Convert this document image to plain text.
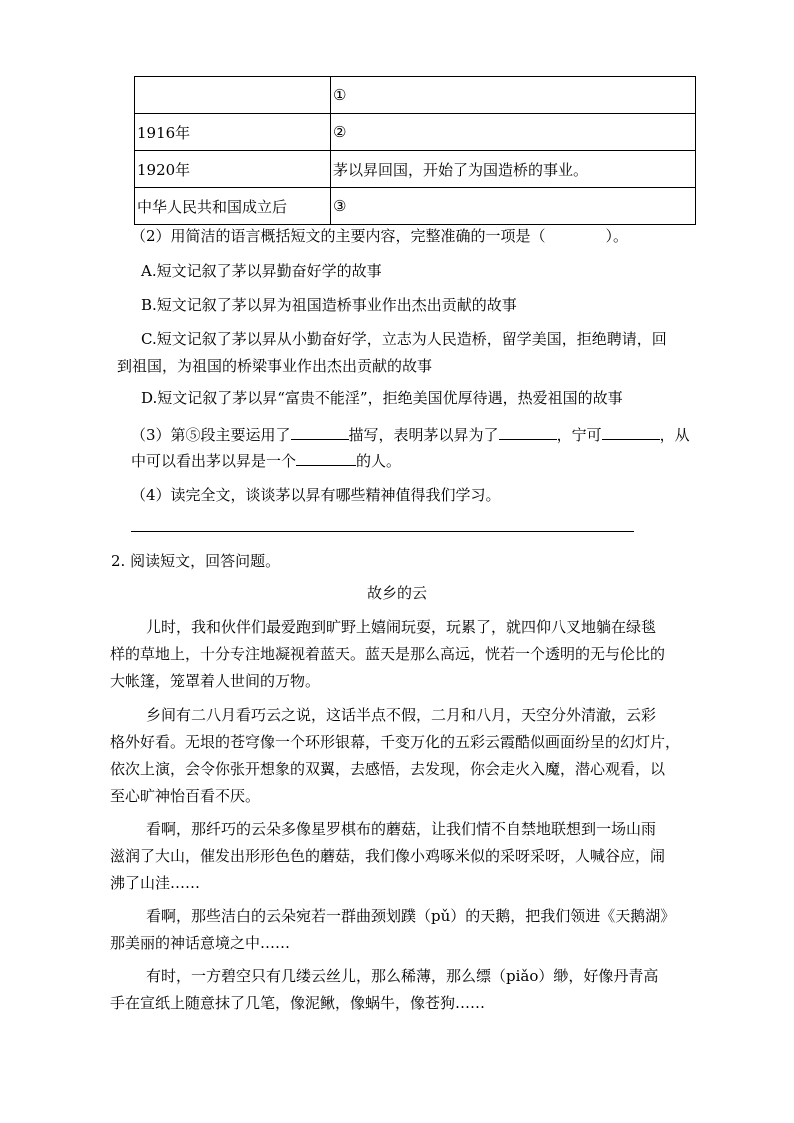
	①
1916年	②
1920年	茅以昇回国，开始了为国造桥的事业。
中华人民共和国成立后	③
（2）用简洁的语言概括短文的主要内容，完整准确的一项是（　　　　）。
A.短文记叙了茅以昇勤奋好学的故事
B.短文记叙了茅以昇为祖国造桥事业作出杰出贡献的故事
C.短文记叙了茅以昇从小勤奋好学，立志为人民造桥，留学美国，拒绝聘请，回
到祖国，为祖国的桥梁事业作出杰出贡献的故事
D.短文记叙了茅以昇“富贵不能淫”，拒绝美国优厚待遇，热爱祖国的故事
（3）第⑤段主要运用了	描写，表明茅以昇为了	，宁可	，从
中可以看出茅以昇是一个	的人。
（4）读完全文，谈谈茅以昇有哪些精神值得我们学习。
2. 阅读短文，回答问题。
故乡的云
儿时，我和伙伴们最爱跑到旷野上嬉闹玩耍，玩累了，就四仰八叉地躺在绿毯
样的草地上，十分专注地凝视着蓝天。蓝天是那么高远，恍若一个透明的无与伦比的
大帐篷，笼罩着人世间的万物。
乡间有二八月看巧云之说，这话半点不假，二月和八月，天空分外清澈，云彩
格外好看。无垠的苍穹像一个环形银幕，千变万化的五彩云霞酷似画面纷呈的幻灯片，
依次上演，会令你张开想象的双翼，去感悟，去发现，你会走火入魔，潜心观看，以
至心旷神怡百看不厌。
看啊，那纤巧的云朵多像星罗棋布的蘑菇，让我们情不自禁地联想到一场山雨
滋润了大山，催发出形形色色的蘑菇，我们像小鸡啄米似的采呀采呀，人喊谷应，闹
沸了山洼……
看啊，那些洁白的云朵宛若一群曲颈划蹼（pǔ）的天鹅，把我们领进《天鹅湖》
那美丽的神话意境之中……
有时，一方碧空只有几缕云丝儿，那么稀薄，那么缥（piǎo）缈，好像丹青高
手在宣纸上随意抹了几笔，像泥鳅，像蜗牛，像苍狗……
